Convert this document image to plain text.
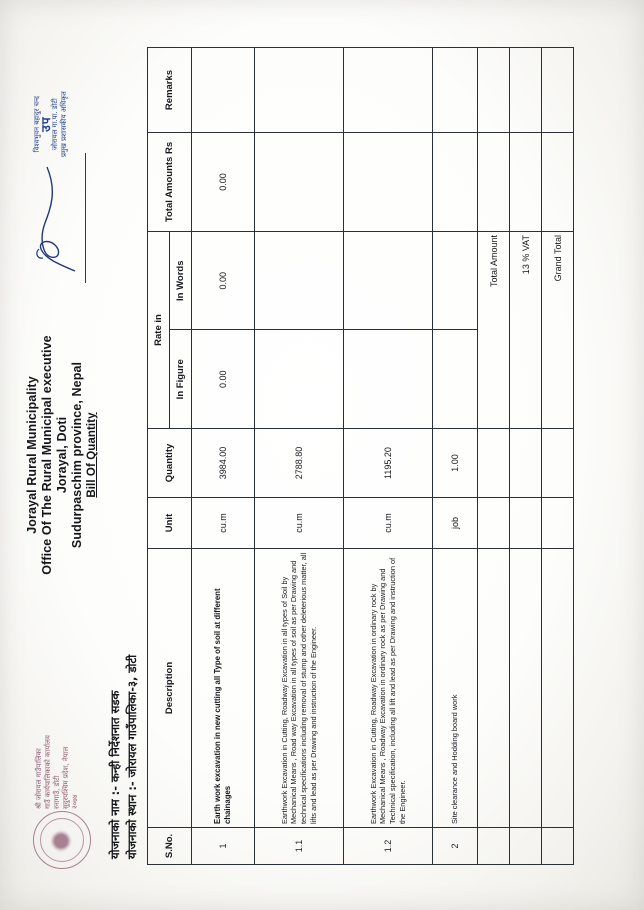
श्री जोरायल गाउँपालिका गाउँ कार्यपालिकाको कार्यालय रनागाउँ, डोटी सुदुरपश्चिम प्रदेश, नेपाल २०७४
Jorayal Rural Municipality Office Of The Rural Municipal executive Jorayal, Doti Sudurpaschim province, Nepal Bill Of Quantity
विश्वभुवन बहादुर चन्द
उप
जोरायल गा.पा. डोटी प्रमुख प्रशासकीय अधिकृत
योजनाको नाम :- कन्ही निर्देशनात सडक
योजनाको स्थान :- जोरायल गाउँपालिका-३, डोटी
S.No.	Description	Unit	Quantity	Rate in		Total Amounts Rs	Remarks
				In Figure	In Words		
1	Earth work excavation in new cutting all Type of soil at different chainages	cu.m	3984.00	0.00	0.00	0.00	
1.1	Earthwork Excavation in Cutting, Roadway Excavation in all types of Soil by Mechanical Means , Road way Excavation in all types of soil as per Drawing and technical specifications including removal of stump and other deleterious matter, all lifts and lead as per Drawing and instruction of the Engineer.	cu.m	2788.80				
1.2	Earthwork Excavation in Cutting, Roadway Excavation in ordinary rock by Mechanical Means , Roadway Excavation in ordinary rock as per Drawing and Technical specification, including all lift and lead as per Drawing and instruction of the Engineer.	cu.m	1195.20				
2	Site clearance and Hodding board work	job	1.00				
				Total Amount			
				13 % VAT			
				Grand Total			
